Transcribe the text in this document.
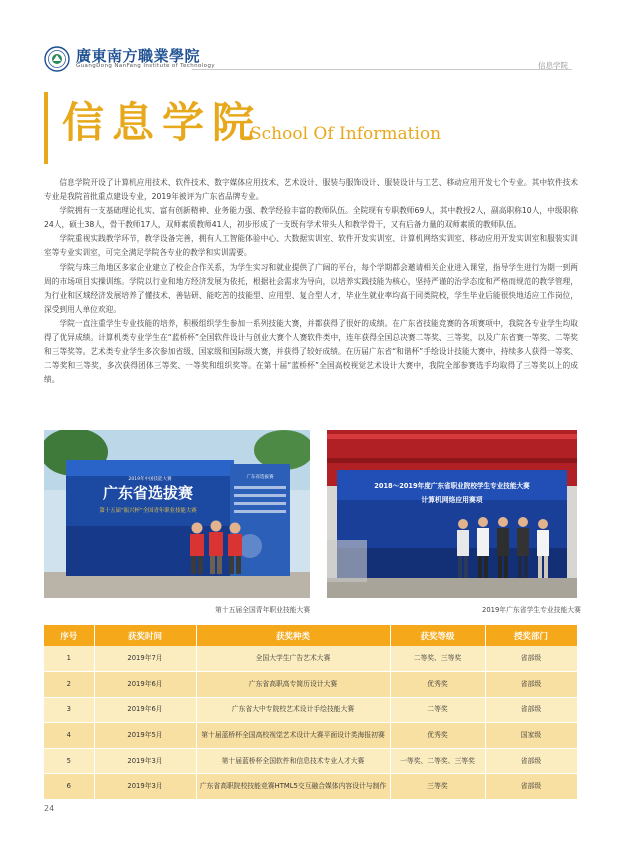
廣東南方職業學院
GuangDong NanFang Institute of Technology	信息学院
信息学院
School Of Information

信息学院开设了计算机应用技术、软件技术、数字媒体应用技术、艺术设计、服装与服饰设计、服装设计与工艺、移动应用开发七个专业。其中软件技术专业是我院首批重点建设专业，2019年被评为广东省品牌专业。

学院拥有一支基础理论扎实、富有创新精神、业务能力强、教学经验丰富的教师队伍。全院现有专职教师69人，其中教授2人，副高职称10人，中级职称24人，硕士38人，骨干教师17人，双师素质教师41人，初步形成了一支既有学术带头人和教学骨干，又有后备力量的双师素质的教师队伍。

学院重视实践教学环节，教学设备完善，拥有人工智能体验中心、大数据实训室、软件开发实训室、计算机网络实训室、移动应用开发实训室和服装实训室等专业实训室，可完全满足学院各专业的教学和实训需要。

学院与珠三角地区多家企业建立了校企合作关系，为学生实习和就业提供了广阔的平台，每个学期都会邀请相关企业进入课堂，指导学生进行为期一到两周的市场项目实操训练。学院以行业和地方经济发展为依托，根据社会需求为导向，以培养实践技能为核心，坚持严谨的治学态度和严格而规范的教学管理，为行业和区域经济发展培养了懂技术、善钻研、能吃苦的技能型、应用型、复合型人才，毕业生就业率均高于同类院校，学生毕业后能很快地适应工作岗位，深受到用人单位欢迎。

学院一直注重学生专业技能的培养，积极组织学生参加一系列技能大赛，并都获得了很好的成绩。在广东省技能竞赛的各项赛项中，我院各专业学生均取得了优异成绩。计算机类专业学生在“蓝桥杯”全国软件设计与创业大赛个人赛软件类中，连年获得全国总决赛二等奖、三等奖，以及广东省赛一等奖、二等奖和三等奖等。艺术类专业学生多次参加省级、国家级和国际级大赛，并获得了较好成绩。在历届广东省“和谐杯”手绘设计技能大赛中，持续多人获得一等奖、二等奖和三等奖，多次获得团体三等奖、一等奖和组织奖等。在第十届“蓝桥杯”全国高校视觉艺术设计大赛中，我院全部参赛选手均取得了三等奖以上的成绩。

2019年中国技能大赛
广东省选拔赛
第十五届“振兴杯”全国青年职业技能大赛
广东省选拔赛
2018～2019年度广东省职业院校学生专业技能大赛
计算机网络应用赛项
第十五届全国青年职业技能大赛	2019年广东省学生专业技能大赛
序号	获奖时间	获奖种类	获奖等级	授奖部门
1	2019年7月	全国大学生广告艺术大赛	二等奖、三等奖	省部级
2	2019年6月	广东省高职高专简历设计大赛	优秀奖	省部级
3	2019年6月	广东省大中专院校艺术设计手绘技能大赛	二等奖	省部级
4	2019年5月	第十届蓝桥杯全国高校视觉艺术设计大赛平面设计类海报初赛	优秀奖	国家级
5	2019年3月	第十届蓝桥杯全国软件和信息技术专业人才大赛	一等奖、二等奖、三等奖	省部级
6	2019年3月	广东省高职院校技能竞赛HTML5交互融合媒体内容设计与制作	三等奖	省部级
24
